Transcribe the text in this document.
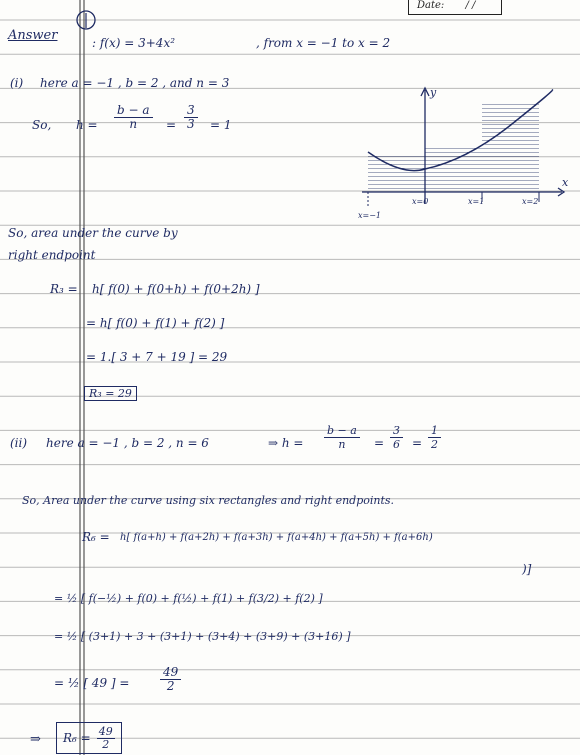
Date: / /
Answer	: f(x) = 3+4x²	, from x = −1 to x = 2
(i) here a = −1 , b = 2 , and n = 3
So, $h = \frac{b - a}{n} = \frac{3}{3} = 1$
y
x
x=−1
x=0	x=1	x=2
So, area under the curve by
right endpoint
R₃ = h[ f(0) + f(0+h) + f(0+2h) ]
= h[ f(0) + f(1) + f(2) ]
= 1.[ 3 + 7 + 19 ] = 29
R₃ = 29
(ii) here a = −1 , b = 2 , n = 6	⇒ $h = \frac{b - a}{n} = \frac{3}{6} = \frac{1}{2}$
So, Area under the curve using six rectangles and right endpoints.
R₆ = h[ f(a+h) + f(a+2h) + f(a+3h) + f(a+4h) + f(a+5h) + f(a+6h)
)]
= ½ [ f(−½) + f(0) + f(½) + f(1) + f(3/2) + f(2) ]
= ½ [ (3+1) + 3 + (3+1) + (3+4) + (3+9) + (3+16) ]
= ½ [ 49 ] =	$\frac{49}{2}$
⇒ $R_6 = \frac{49}{2}$
